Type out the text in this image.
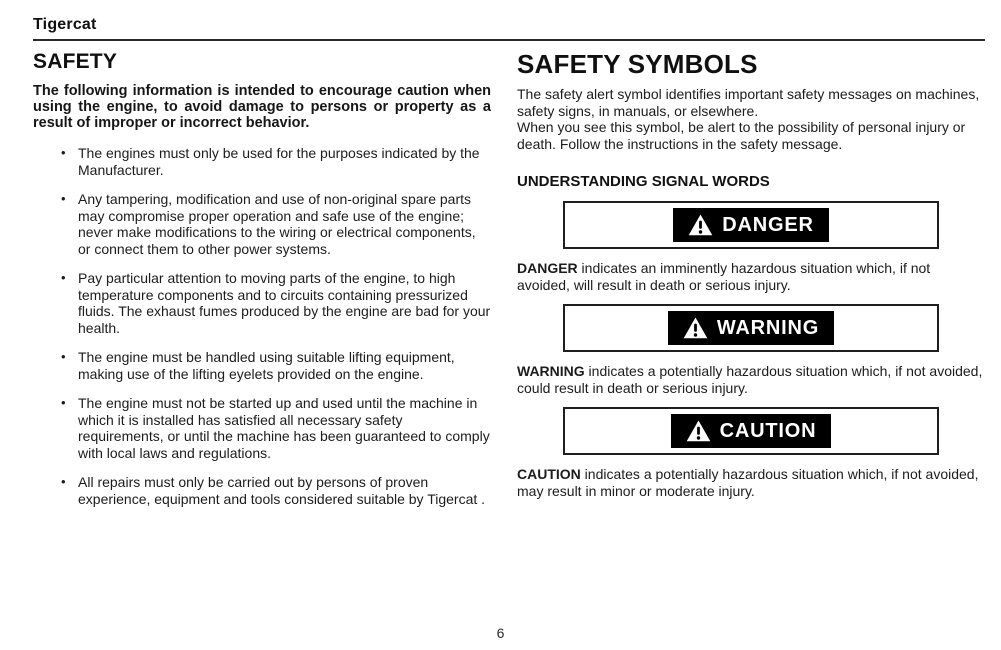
Tigercat
SAFETY

The following information is intended to encourage caution when using the engine, to avoid damage to persons or property as a result of improper or incorrect behavior.

• The engines must only be used for the purposes indicated by the Manufacturer.
• Any tampering, modification and use of non-original spare parts may compromise proper operation and safe use of the engine; never make modifications to the wiring or electrical components, or connect them to other power systems.
• Pay particular attention to moving parts of the engine, to high temperature components and to circuits containing pressurized fluids. The exhaust fumes produced by the engine are bad for your health.
• The engine must be handled using suitable lifting equipment, making use of the lifting eyelets provided on the engine.
• The engine must not be started up and used until the machine in which it is installed has satisfied all necessary safety requirements, or until the machine has been guaranteed to comply with local laws and regulations.
• All repairs must only be carried out by persons of proven experience, equipment and tools considered suitable by Tigercat .
SAFETY SYMBOLS

The safety alert symbol identifies important safety messages on machines, safety signs, in manuals, or elsewhere.

When you see this symbol, be alert to the possibility of personal injury or death. Follow the instructions in the safety message.

UNDERSTANDING SIGNAL WORDS
DANGER

DANGER indicates an imminently hazardous situation which, if not avoided, will result in death or serious injury.

WARNING

WARNING indicates a potentially hazardous situation which, if not avoided, could result in death or serious injury.

CAUTION

CAUTION indicates a potentially hazardous situation which, if not avoided, may result in minor or moderate injury.

6
